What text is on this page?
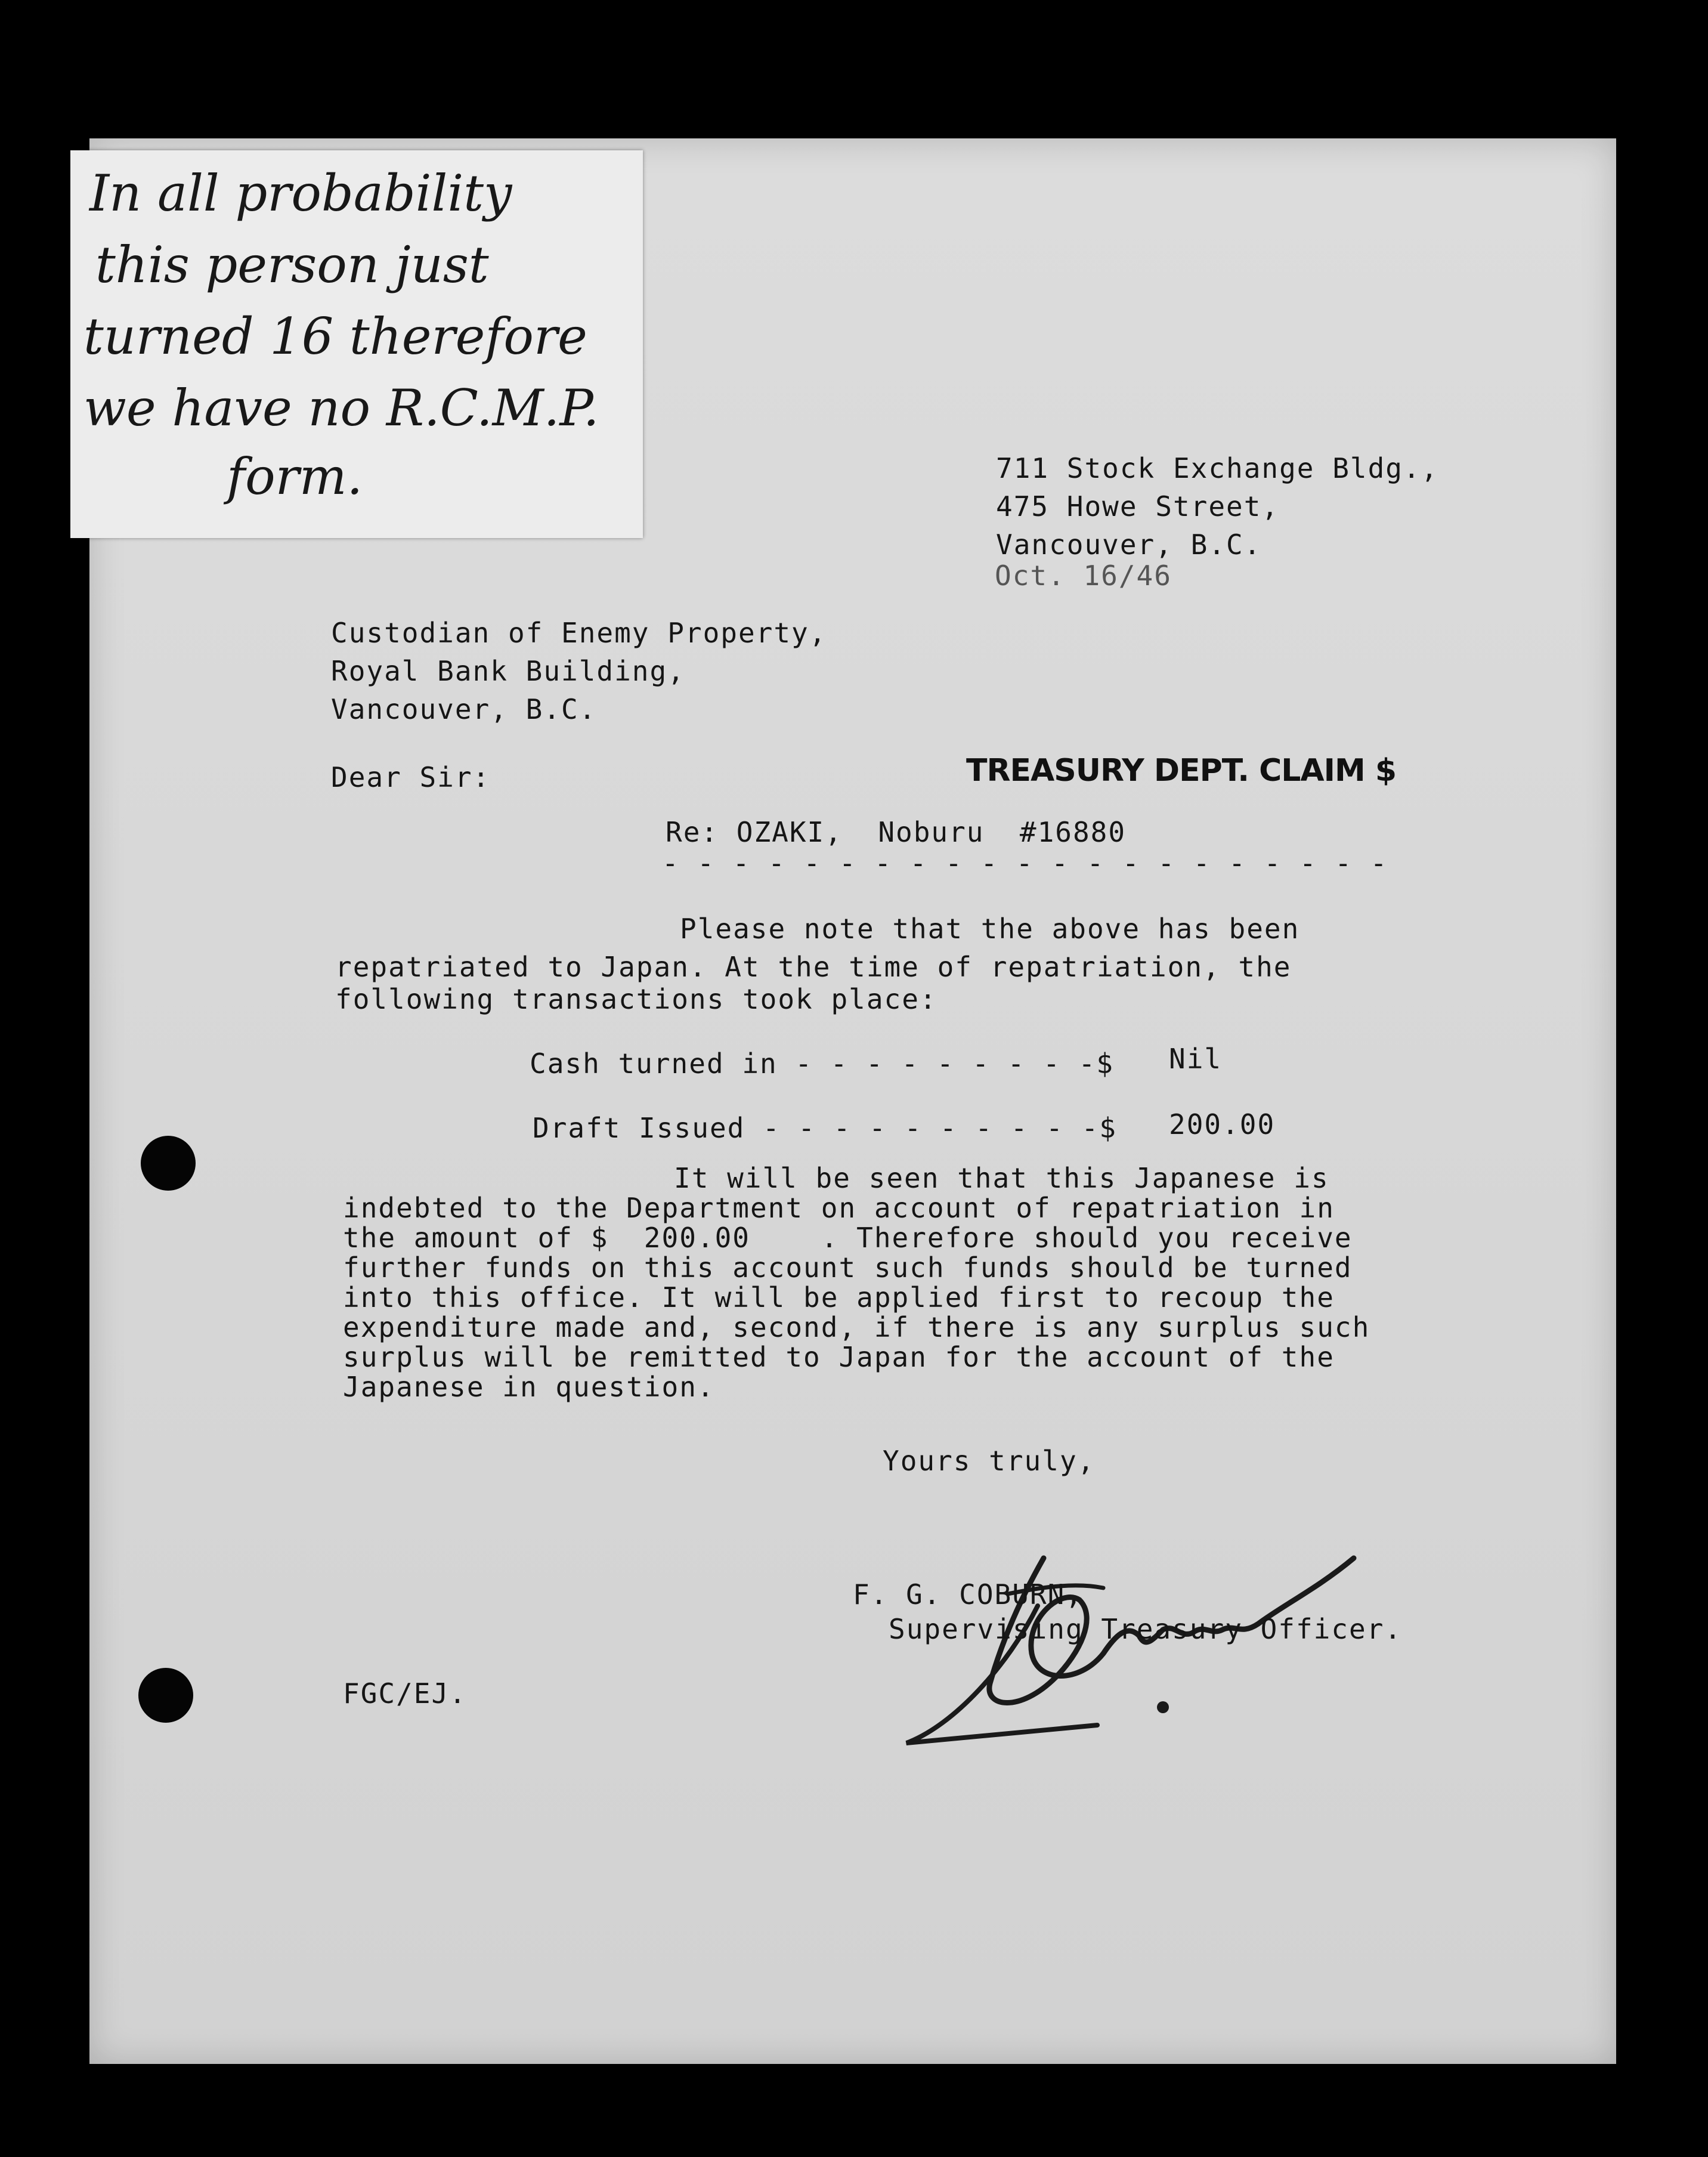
711 Stock Exchange Bldg.,
475 Howe Street,
Vancouver, B.C.
Oct. 16/46
Custodian of Enemy Property,
Royal Bank Building,
Vancouver, B.C.
Dear Sir:	TREASURY DEPT. CLAIM $
Re: OZAKI,  Noburu  #16880
- - - - - - - - - - - - - - - - - - - - -
Please note that the above has been
repatriated to Japan. At the time of repatriation, the
following transactions took place:
Cash turned in - - - - - - - - -$ Nil
Draft Issued - - - - - - - - - -$ 200.00
It will be seen that this Japanese is
indebted to the Department on account of repatriation in
the amount of $  200.00    . Therefore should you receive
further funds on this account such funds should be turned
into this office. It will be applied first to recoup the
expenditure made and, second, if there is any surplus such
surplus will be remitted to Japan for the account of the
Japanese in question.
Yours truly,
F. G. COBURN,
Supervising Treasury Officer.
FGC/EJ.
In all probability
this person just
turned 16 therefore
we have no R.C.M.P.
form.
